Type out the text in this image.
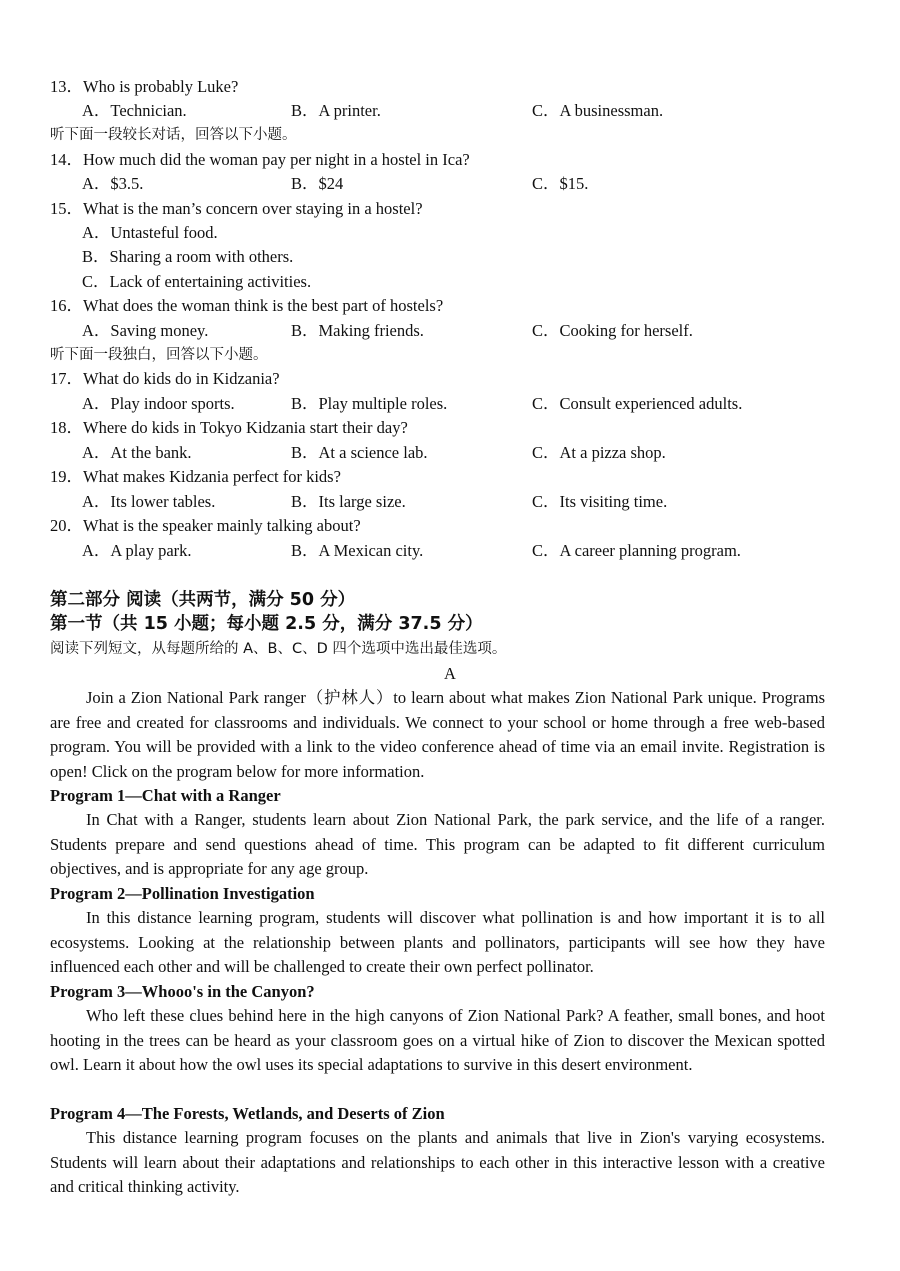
13．Who is probably Luke?
A．Technician.	B．A printer.	C．A businessman.
听下面一段较长对话，回答以下小题。
14．How much did the woman pay per night in a hostel in Ica?
A．$3.5.	B．$24	C．$15.
15．What is the man’s concern over staying in a hostel?
A．Untasteful food.
B．Sharing a room with others.
C．Lack of entertaining activities.
16．What does the woman think is the best part of hostels?
A．Saving money.	B．Making friends.	C．Cooking for herself.
听下面一段独白，回答以下小题。
17．What do kids do in Kidzania?
A．Play indoor sports.	B．Play multiple roles.	C．Consult experienced adults.
18．Where do kids in Tokyo Kidzania start their day?
A．At the bank.	B．At a science lab.	C．At a pizza shop.
19．What makes Kidzania perfect for kids?
A．Its lower tables.	B．Its large size.	C．Its visiting time.
20．What is the speaker mainly talking about?
A．A play park.	B．A Mexican city.	C．A career planning program.
第二部分 阅读（共两节，满分 50 分）
第一节（共 15 小题；每小题 2.5 分，满分 37.5 分）
阅读下列短文，从每题所给的 A、B、C、D 四个选项中选出最佳选项。
A

Join a Zion National Park ranger（护林人）to learn about what makes Zion National Park unique. Programs are free and created for classrooms and individuals. We connect to your school or home through a free web-based program. You will be provided with a link to the video conference ahead of time via an email invite. Registration is open! Click on the program below for more information.

Program 1—Chat with a Ranger

In Chat with a Ranger, students learn about Zion National Park, the park service, and the life of a ranger. Students prepare and send questions ahead of time. This program can be adapted to fit different curriculum objectives, and is appropriate for any age group.

Program 2—Pollination Investigation

In this distance learning program, students will discover what pollination is and how important it is to all ecosystems. Looking at the relationship between plants and pollinators, participants will see how they have influenced each other and will be challenged to create their own perfect pollinator.

Program 3—Whooo's in the Canyon?

Who left these clues behind here in the high canyons of Zion National Park? A feather, small bones, and hoot hooting in the trees can be heard as your classroom goes on a virtual hike of Zion to discover the Mexican spotted owl. Learn it about how the owl uses its special adaptations to survive in this desert environment.

Program 4—The Forests, Wetlands, and Deserts of Zion

This distance learning program focuses on the plants and animals that live in Zion's varying ecosystems. Students will learn about their adaptations and relationships to each other in this interactive lesson with a creative and critical thinking activity.
